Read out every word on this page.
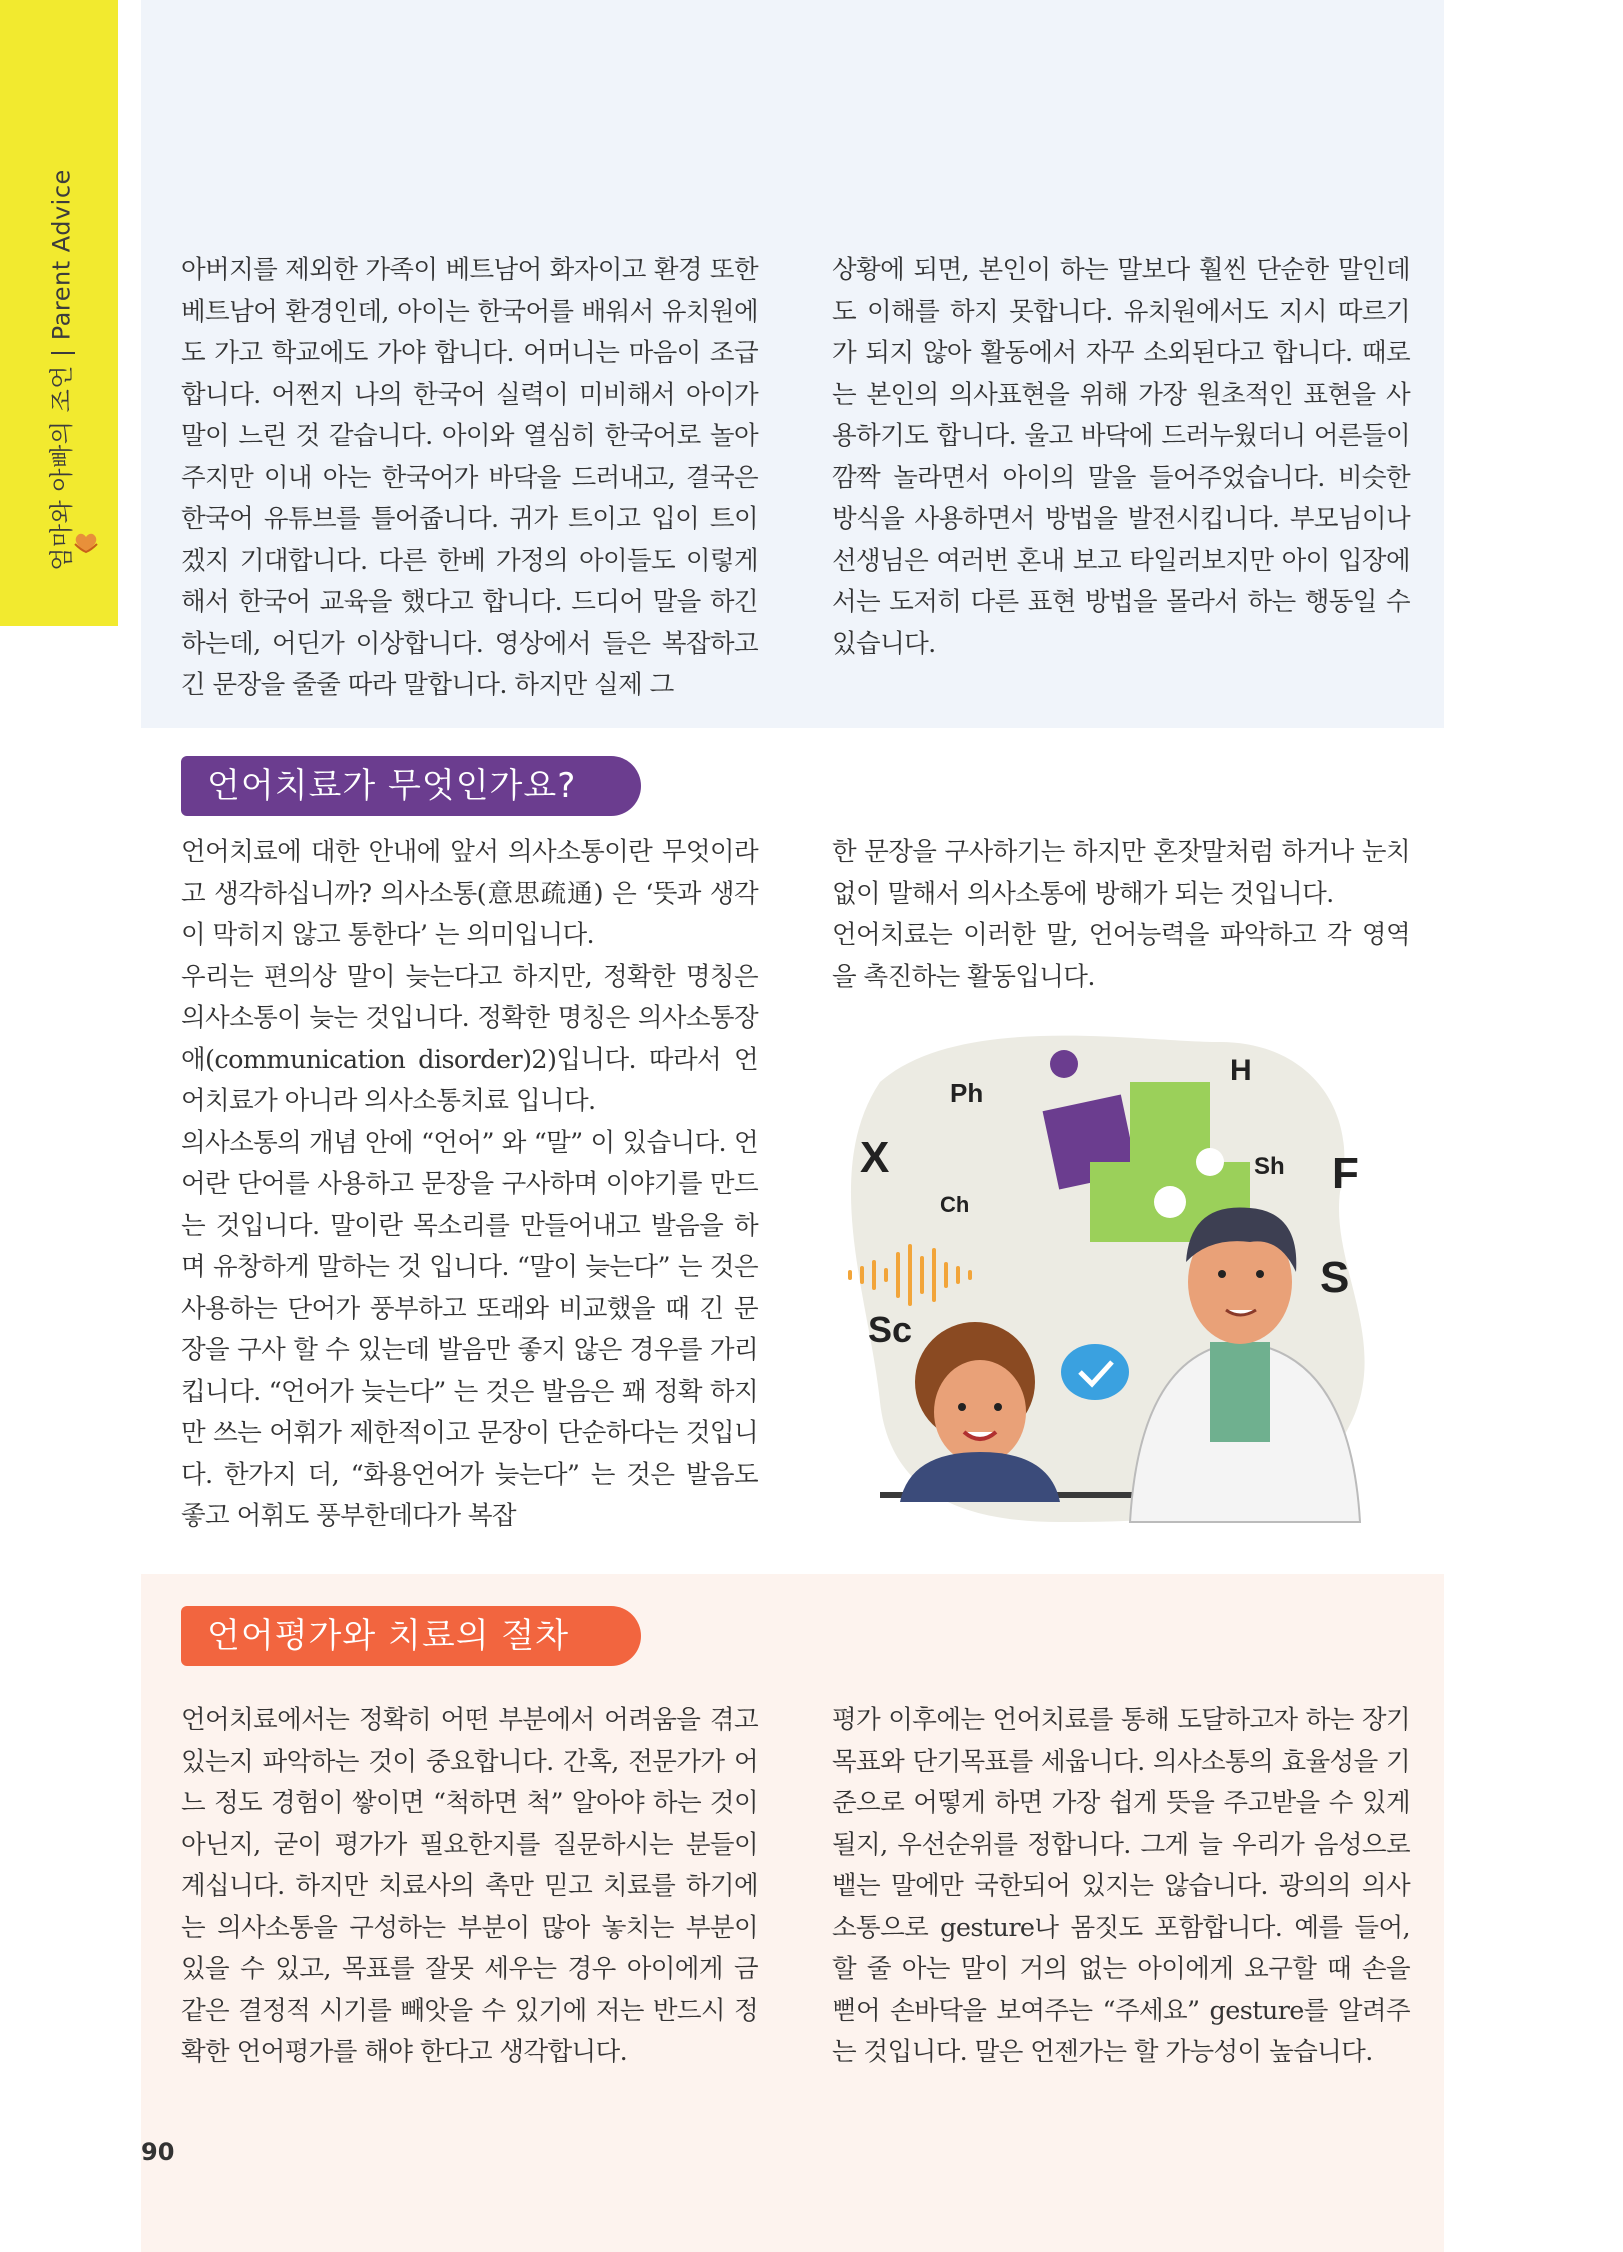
엄마와 아빠의 조언 | Parent Advice	아버지를 제외한 가족이 베트남어 화자이고 환경 또한 베트남어 환경인데, 아이는 한국어를 배워서 유치원에도 가고 학교에도 가야 합니다. 어머니는 마음이 조급합니다. 어쩐지 나의 한국어 실력이 미비해서 아이가 말이 느린 것 같습니다. 아이와 열심히 한국어로 놀아주지만 이내 아는 한국어가 바닥을 드러내고, 결국은 한국어 유튜브를 틀어줍니다. 귀가 트이고 입이 트이겠지 기대합니다. 다른 한베 가정의 아이들도 이렇게 해서 한국어 교육을 했다고 합니다. 드디어 말을 하긴 하는데, 어딘가 이상합니다. 영상에서 들은 복잡하고 긴 문장을 줄줄 따라 말합니다. 하지만 실제 그
상황에 되면, 본인이 하는 말보다 훨씬 단순한 말인데도 이해를 하지 못합니다. 유치원에서도 지시 따르기가 되지 않아 활동에서 자꾸 소외된다고 합니다. 때로는 본인의 의사표현을 위해 가장 원초적인 표현을 사용하기도 합니다. 울고 바닥에 드러누웠더니 어른들이 깜짝 놀라면서 아이의 말을 들어주었습니다. 비슷한 방식을 사용하면서 방법을 발전시킵니다. 부모님이나 선생님은 여러번 혼내 보고 타일러보지만 아이 입장에서는 도저히 다른 표현 방법을 몰라서 하는 행동일 수 있습니다.
언어치료가 무엇인가요?

언어치료에 대한 안내에 앞서 의사소통이란 무엇이라고 생각하십니까? 의사소통(意思疏通) 은 ‘뜻과 생각이 막히지 않고 통한다’ 는 의미입니다.

우리는 편의상 말이 늦는다고 하지만, 정확한 명칭은 의사소통이 늦는 것입니다. 정확한 명칭은 의사소통장애(communication disorder)2)입니다. 따라서 언어치료가 아니라 의사소통치료 입니다.

의사소통의 개념 안에 “언어” 와 “말” 이 있습니다. 언어란 단어를 사용하고 문장을 구사하며 이야기를 만드는 것입니다. 말이란 목소리를 만들어내고 발음을 하며 유창하게 말하는 것 입니다. “말이 늦는다” 는 것은 사용하는 단어가 풍부하고 또래와 비교했을 때 긴 문장을 구사 할 수 있는데 발음만 좋지 않은 경우를 가리킵니다. “언어가 늦는다” 는 것은 발음은 꽤 정확 하지만 쓰는 어휘가 제한적이고 문장이 단순하다는 것입니다. 한가지 더, “화용언어가 늦는다” 는 것은 발음도 좋고 어휘도 풍부한데다가 복잡

한 문장을 구사하기는 하지만 혼잣말처럼 하거나 눈치 없이 말해서 의사소통에 방해가 되는 것입니다.

언어치료는 이러한 말, 언어능력을 파악하고 각 영역을 촉진하는 활동입니다.

X
Ph
H
Ch
Sh F
S
Sc
언어평가와 치료의 절차
언어치료에서는 정확히 어떤 부분에서 어려움을 겪고 있는지 파악하는 것이 중요합니다. 간혹, 전문가가 어느 정도 경험이 쌓이면 “척하면 척” 알아야 하는 것이 아닌지, 굳이 평가가 필요한지를 질문하시는 분들이 계십니다. 하지만 치료사의 촉만 믿고 치료를 하기에는 의사소통을 구성하는 부분이 많아 놓치는 부분이 있을 수 있고, 목표를 잘못 세우는 경우 아이에게 금 같은 결정적 시기를 빼앗을 수 있기에 저는 반드시 정확한 언어평가를 해야 한다고 생각합니다.
평가 이후에는 언어치료를 통해 도달하고자 하는 장기목표와 단기목표를 세웁니다. 의사소통의 효율성을 기준으로 어떻게 하면 가장 쉽게 뜻을 주고받을 수 있게 될지, 우선순위를 정합니다. 그게 늘 우리가 음성으로 뱉는 말에만 국한되어 있지는 않습니다. 광의의 의사소통으로 gesture나 몸짓도 포함합니다. 예를 들어, 할 줄 아는 말이 거의 없는 아이에게 요구할 때 손을 뻗어 손바닥을 보여주는 “주세요” gesture를 알려주는 것입니다. 말은 언젠가는 할 가능성이 높습니다.
90
